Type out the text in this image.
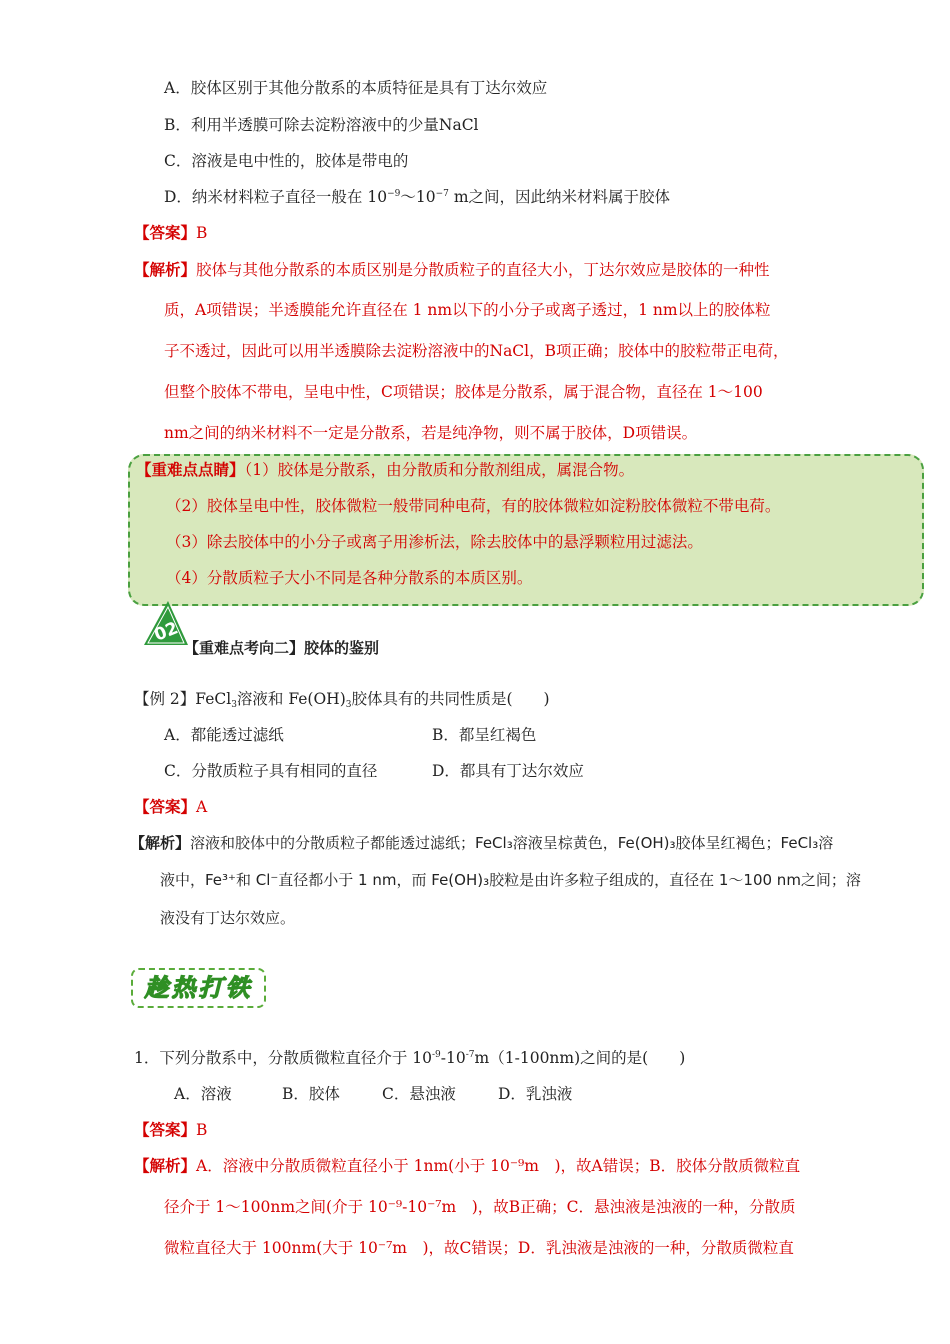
A．胶体区别于其他分散系的本质特征是具有丁达尔效应
B．利用半透膜可除去淀粉溶液中的少量NaCl
C．溶液是电中性的，胶体是带电的
D．纳米材料粒子直径一般在 $10^{-9}\sim 10^{-7}$ m之间，因此纳米材料属于胶体
【答案】B
【解析】胶体与其他分散系的本质区别是分散质粒子的直径大小，丁达尔效应是胶体的一种性
质，A项错误；半透膜能允许直径在 1 nm以下的小分子或离子透过，1 nm以上的胶体粒
子不透过，因此可以用半透膜除去淀粉溶液中的NaCl，B项正确；胶体中的胶粒带正电荷，
但整个胶体不带电，呈电中性，C项错误；胶体是分散系，属于混合物，直径在 1～100
nm之间的纳米材料不一定是分散系，若是纯净物，则不属于胶体，D项错误。
【重难点点睛】（1）胶体是分散系，由分散质和分散剂组成，属混合物。
（2）胶体呈电中性，胶体微粒一般带同种电荷，有的胶体微粒如淀粉胶体微粒不带电荷。
（3）除去胶体中的小分子或离子用渗析法，除去胶体中的悬浮颗粒用过滤法。
（4）分散质粒子大小不同是各种分散系的本质区别。
02
【重难点考向二】胶体的鉴别
【例 2】FeCl$_3$溶液和 $Fe(OH)_3$胶体具有的共同性质是(　　)
A．都能透过滤纸	B．都呈红褐色
C．分散质粒子具有相同的直径	D．都具有丁达尔效应
【答案】A
【解析】溶液和胶体中的分散质粒子都能透过滤纸；FeCl₃溶液呈棕黄色，Fe(OH)₃胶体呈红褐色；FeCl₃溶
液中，Fe³⁺和 Cl⁻直径都小于 1 nm，而 Fe(OH)₃胶粒是由许多粒子组成的，直径在 1～100 nm之间；溶
液没有丁达尔效应。
趁热打铁
1．下列分散系中，分散质微粒直径介于 $10^{-9}-10^{-7}m(1-100nm)$之间的是(　　)
A．溶液	B．胶体	C．悬浊液	D．乳浊液
【答案】B
【解析】A．溶液中分散质微粒直径小于 1nm(小于 10⁻⁹m　)，故A错误；B．胶体分散质微粒直
径介于 1～100nm之间(介于 10⁻⁹-10⁻⁷m　)，故B正确；C．悬浊液是浊液的一种，分散质
微粒直径大于 100nm(大于 10⁻⁷m　)，故C错误；D．乳浊液是浊液的一种，分散质微粒直
